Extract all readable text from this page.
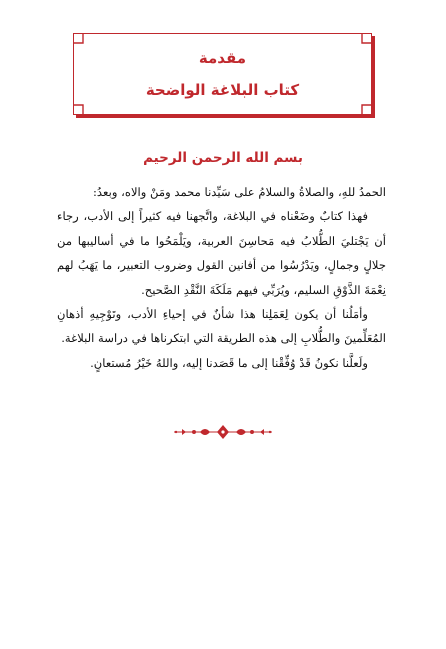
مقدمة
كتاب البلاغة الواضحة
بسم الله الرحمن الرحيم

الحمدُ للهِ، والصلاةُ والسلامُ على سَيِّدنا محمد ومَنْ والاه، وبعدُ:

فهذا كتابٌ وضَعْناه في البلاغة، واتَّجهنا فيه كثيراً إلى الأدب، رجاء أن يَجْتليَ الطُّلابُ فيه مَحاسِنَ العربية، ويَلْمَحُوا ما في أساليبها من جلالٍ وجمالٍ، ويَدْرُسُوا من أفانين القول وضروب التعبير، ما يَهَبُ لهم نِعْمَةَ الذَّوْقِ السليم، ويُرَبِّي فيهم مَلَكَةَ النَّقْدِ الصَّحيح.

وأمَلُنا أن يكون لِعَمَلِنا هذا شأنٌ في إحياءِ الأدب، وتَوْجِيهِ أذهانِ المُعَلِّمينَ والطُّلابِ إلى هذه الطريقة التي ابتكرناها في دراسة البلاغة.

ولَعلَّنا نكونُ قَدْ وُفِّقْنا إلى ما قَصَدنا إليه، واللهُ خَيْرُ مُستعانٍ.
